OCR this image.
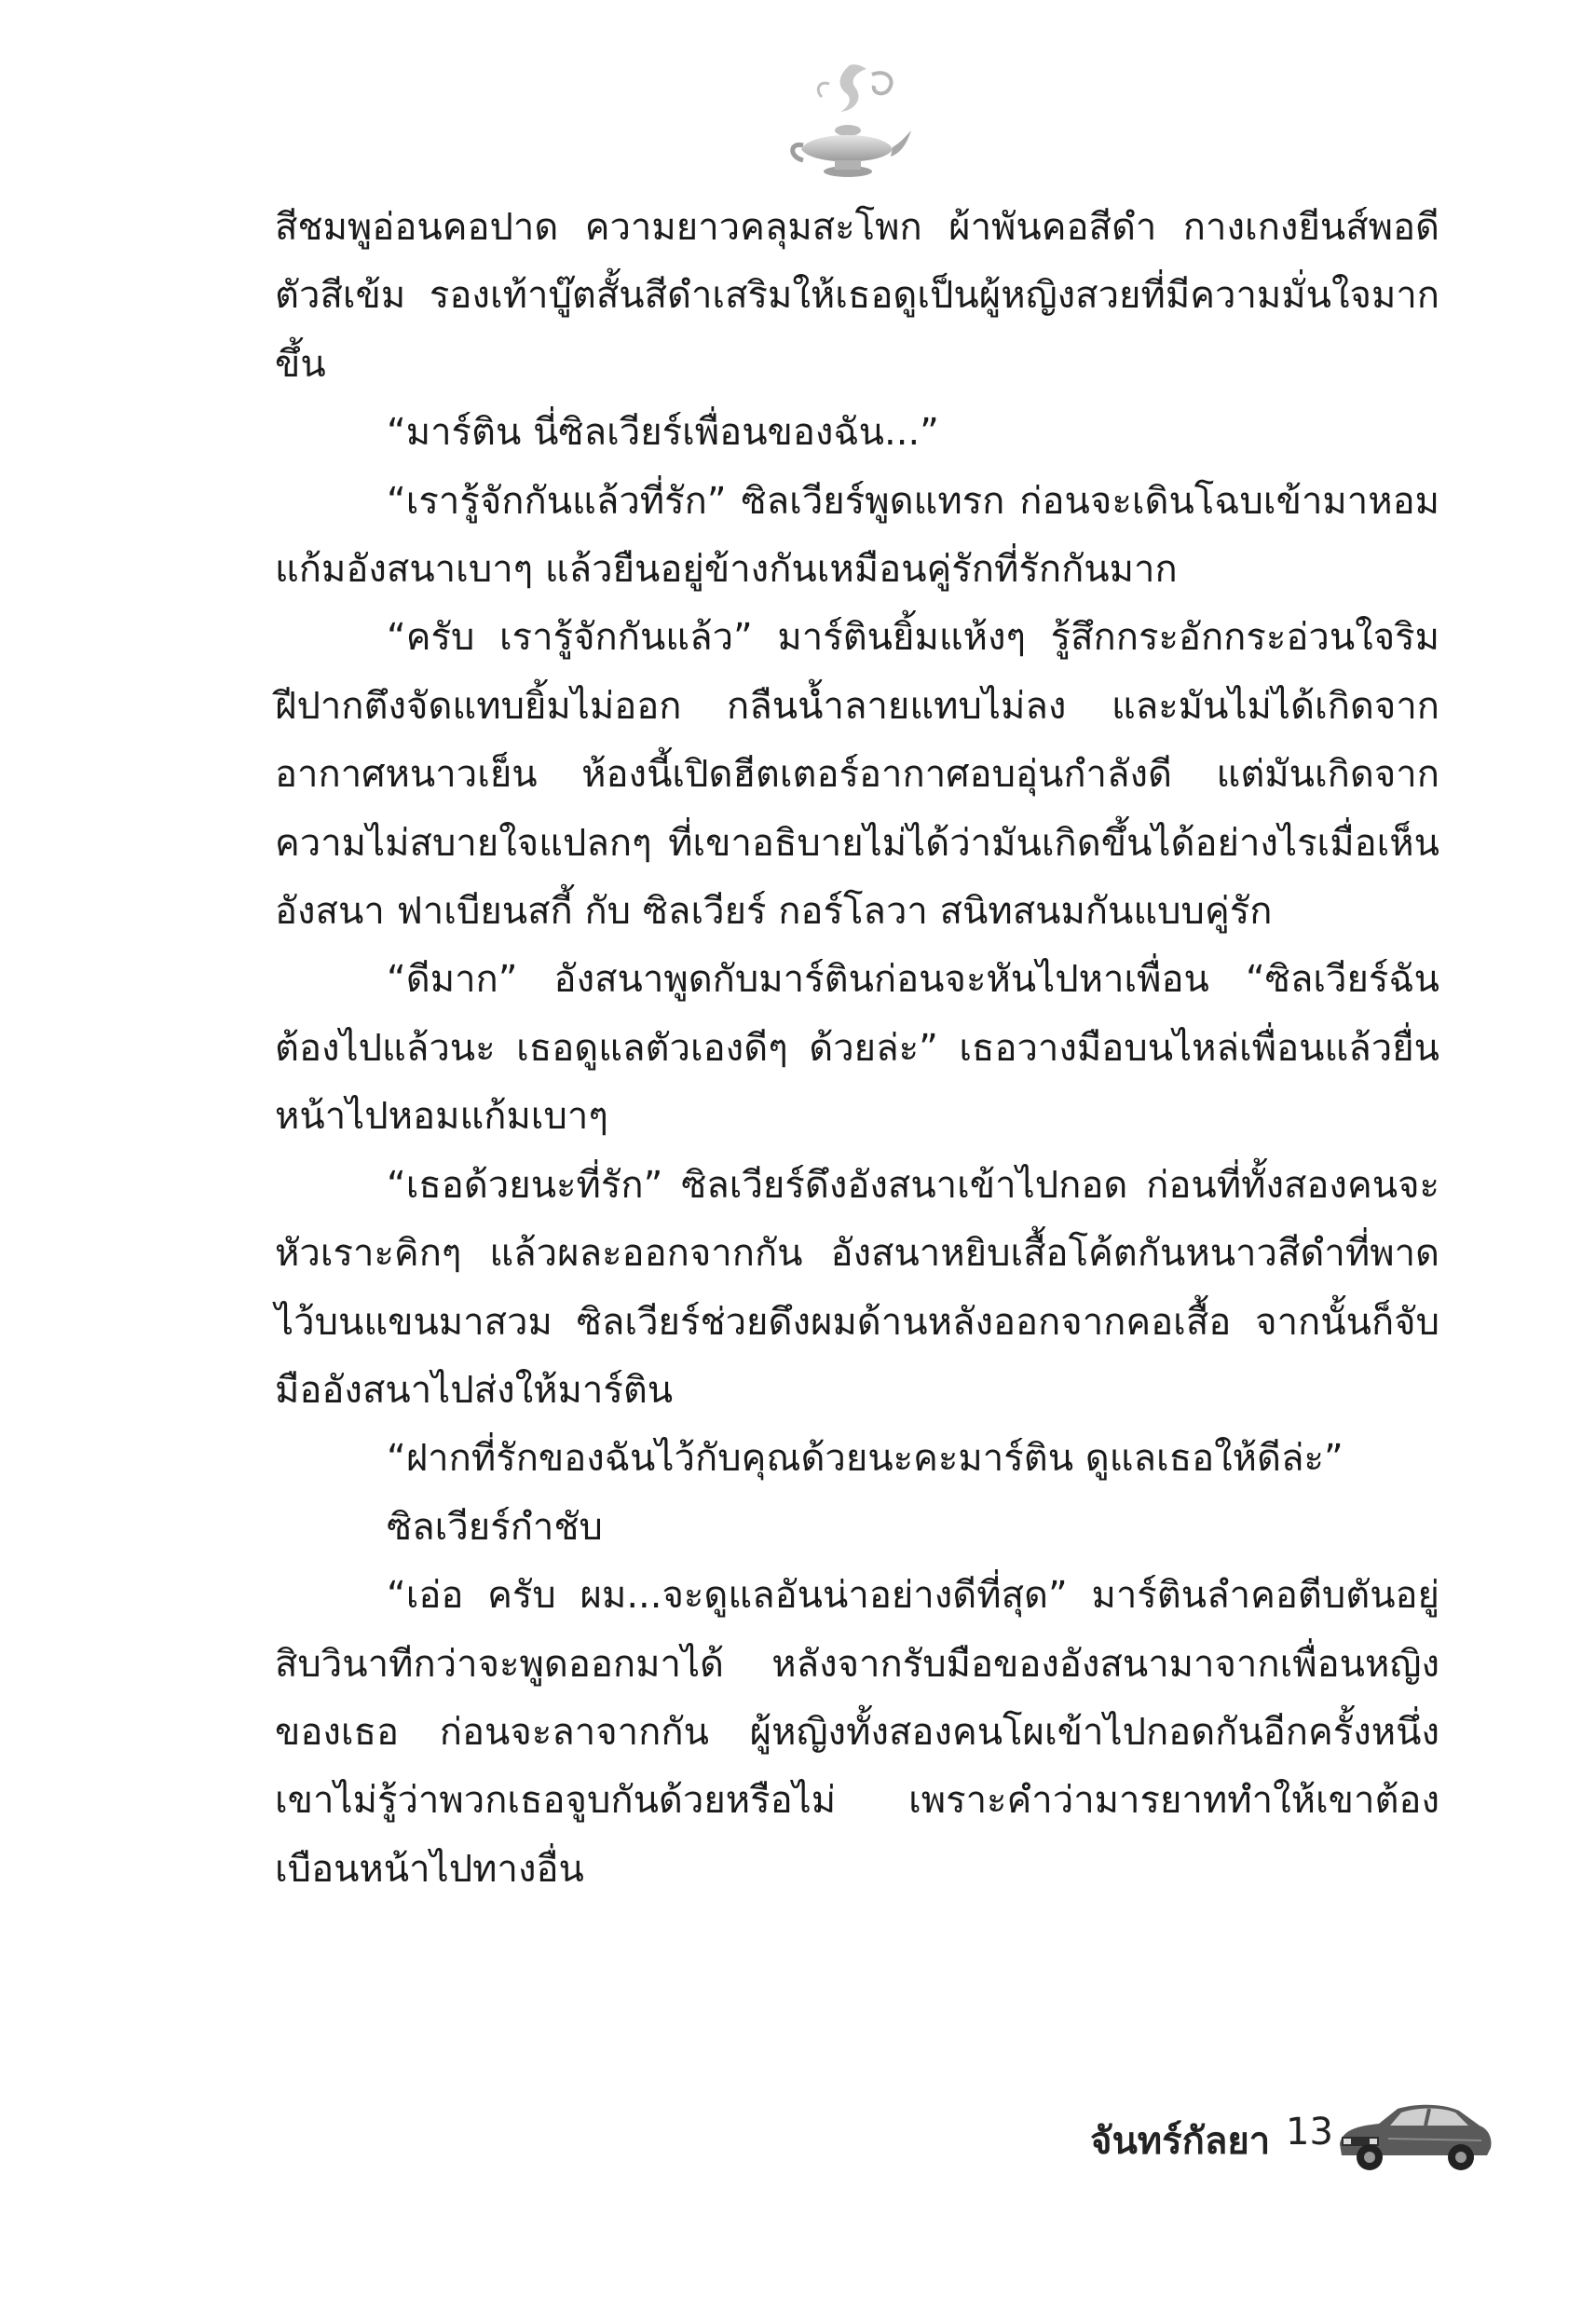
สีชมพูอ่อนคอปาด ความยาวคลุมสะโพก ผ้าพันคอสีดำ กางเกงยีนส์พอดีตัวสีเข้ม รองเท้าบู๊ตสั้นสีดำเสริมให้เธอดูเป็นผู้หญิงสวยที่มีความมั่นใจมากขึ้น

“มาร์ติน นี่ซิลเวียร์เพื่อนของฉัน...”

“เรารู้จักกันแล้วที่รัก” ซิลเวียร์พูดแทรก ก่อนจะเดินโฉบเข้ามาหอมแก้มอังสนาเบาๆ แล้วยืนอยู่ข้างกันเหมือนคู่รักที่รักกันมาก

“ครับ เรารู้จักกันแล้ว” มาร์ตินยิ้มแห้งๆ รู้สึกกระอักกระอ่วนใจริมฝีปากตึงจัดแทบยิ้มไม่ออก กลืนน้ำลายแทบไม่ลง และมันไม่ได้เกิดจากอากาศหนาวเย็น ห้องนี้เปิดฮีตเตอร์อากาศอบอุ่นกำลังดี แต่มันเกิดจากความไม่สบายใจแปลกๆ ที่เขาอธิบายไม่ได้ว่ามันเกิดขึ้นได้อย่างไรเมื่อเห็น อังสนา ฟาเบียนสกี้ กับ ซิลเวียร์ กอร์โลวา สนิทสนมกันแบบคู่รัก

“ดีมาก” อังสนาพูดกับมาร์ตินก่อนจะหันไปหาเพื่อน “ซิลเวียร์ฉันต้องไปแล้วนะ เธอดูแลตัวเองดีๆ ด้วยล่ะ” เธอวางมือบนไหล่เพื่อนแล้วยื่นหน้าไปหอมแก้มเบาๆ

“เธอด้วยนะที่รัก” ซิลเวียร์ดึงอังสนาเข้าไปกอด ก่อนที่ทั้งสองคนจะหัวเราะคิกๆ แล้วผละออกจากกัน อังสนาหยิบเสื้อโค้ตกันหนาวสีดำที่พาดไว้บนแขนมาสวม ซิลเวียร์ช่วยดึงผมด้านหลังออกจากคอเสื้อ จากนั้นก็จับมืออังสนาไปส่งให้มาร์ติน

“ฝากที่รักของฉันไว้กับคุณด้วยนะคะมาร์ติน ดูแลเธอให้ดีล่ะ”

ซิลเวียร์กำชับ

“เอ่อ ครับ ผม...จะดูแลอันน่าอย่างดีที่สุด” มาร์ตินลำคอตีบตันอยู่สิบวินาทีกว่าจะพูดออกมาได้ หลังจากรับมือของอังสนามาจากเพื่อนหญิงของเธอ ก่อนจะลาจากกัน ผู้หญิงทั้งสองคนโผเข้าไปกอดกันอีกครั้งหนึ่งเขาไม่รู้ว่าพวกเธอจูบกันด้วยหรือไม่ เพราะคำว่ามารยาททำให้เขาต้องเบือนหน้าไปทางอื่น

จันทร์กัลยา 13
